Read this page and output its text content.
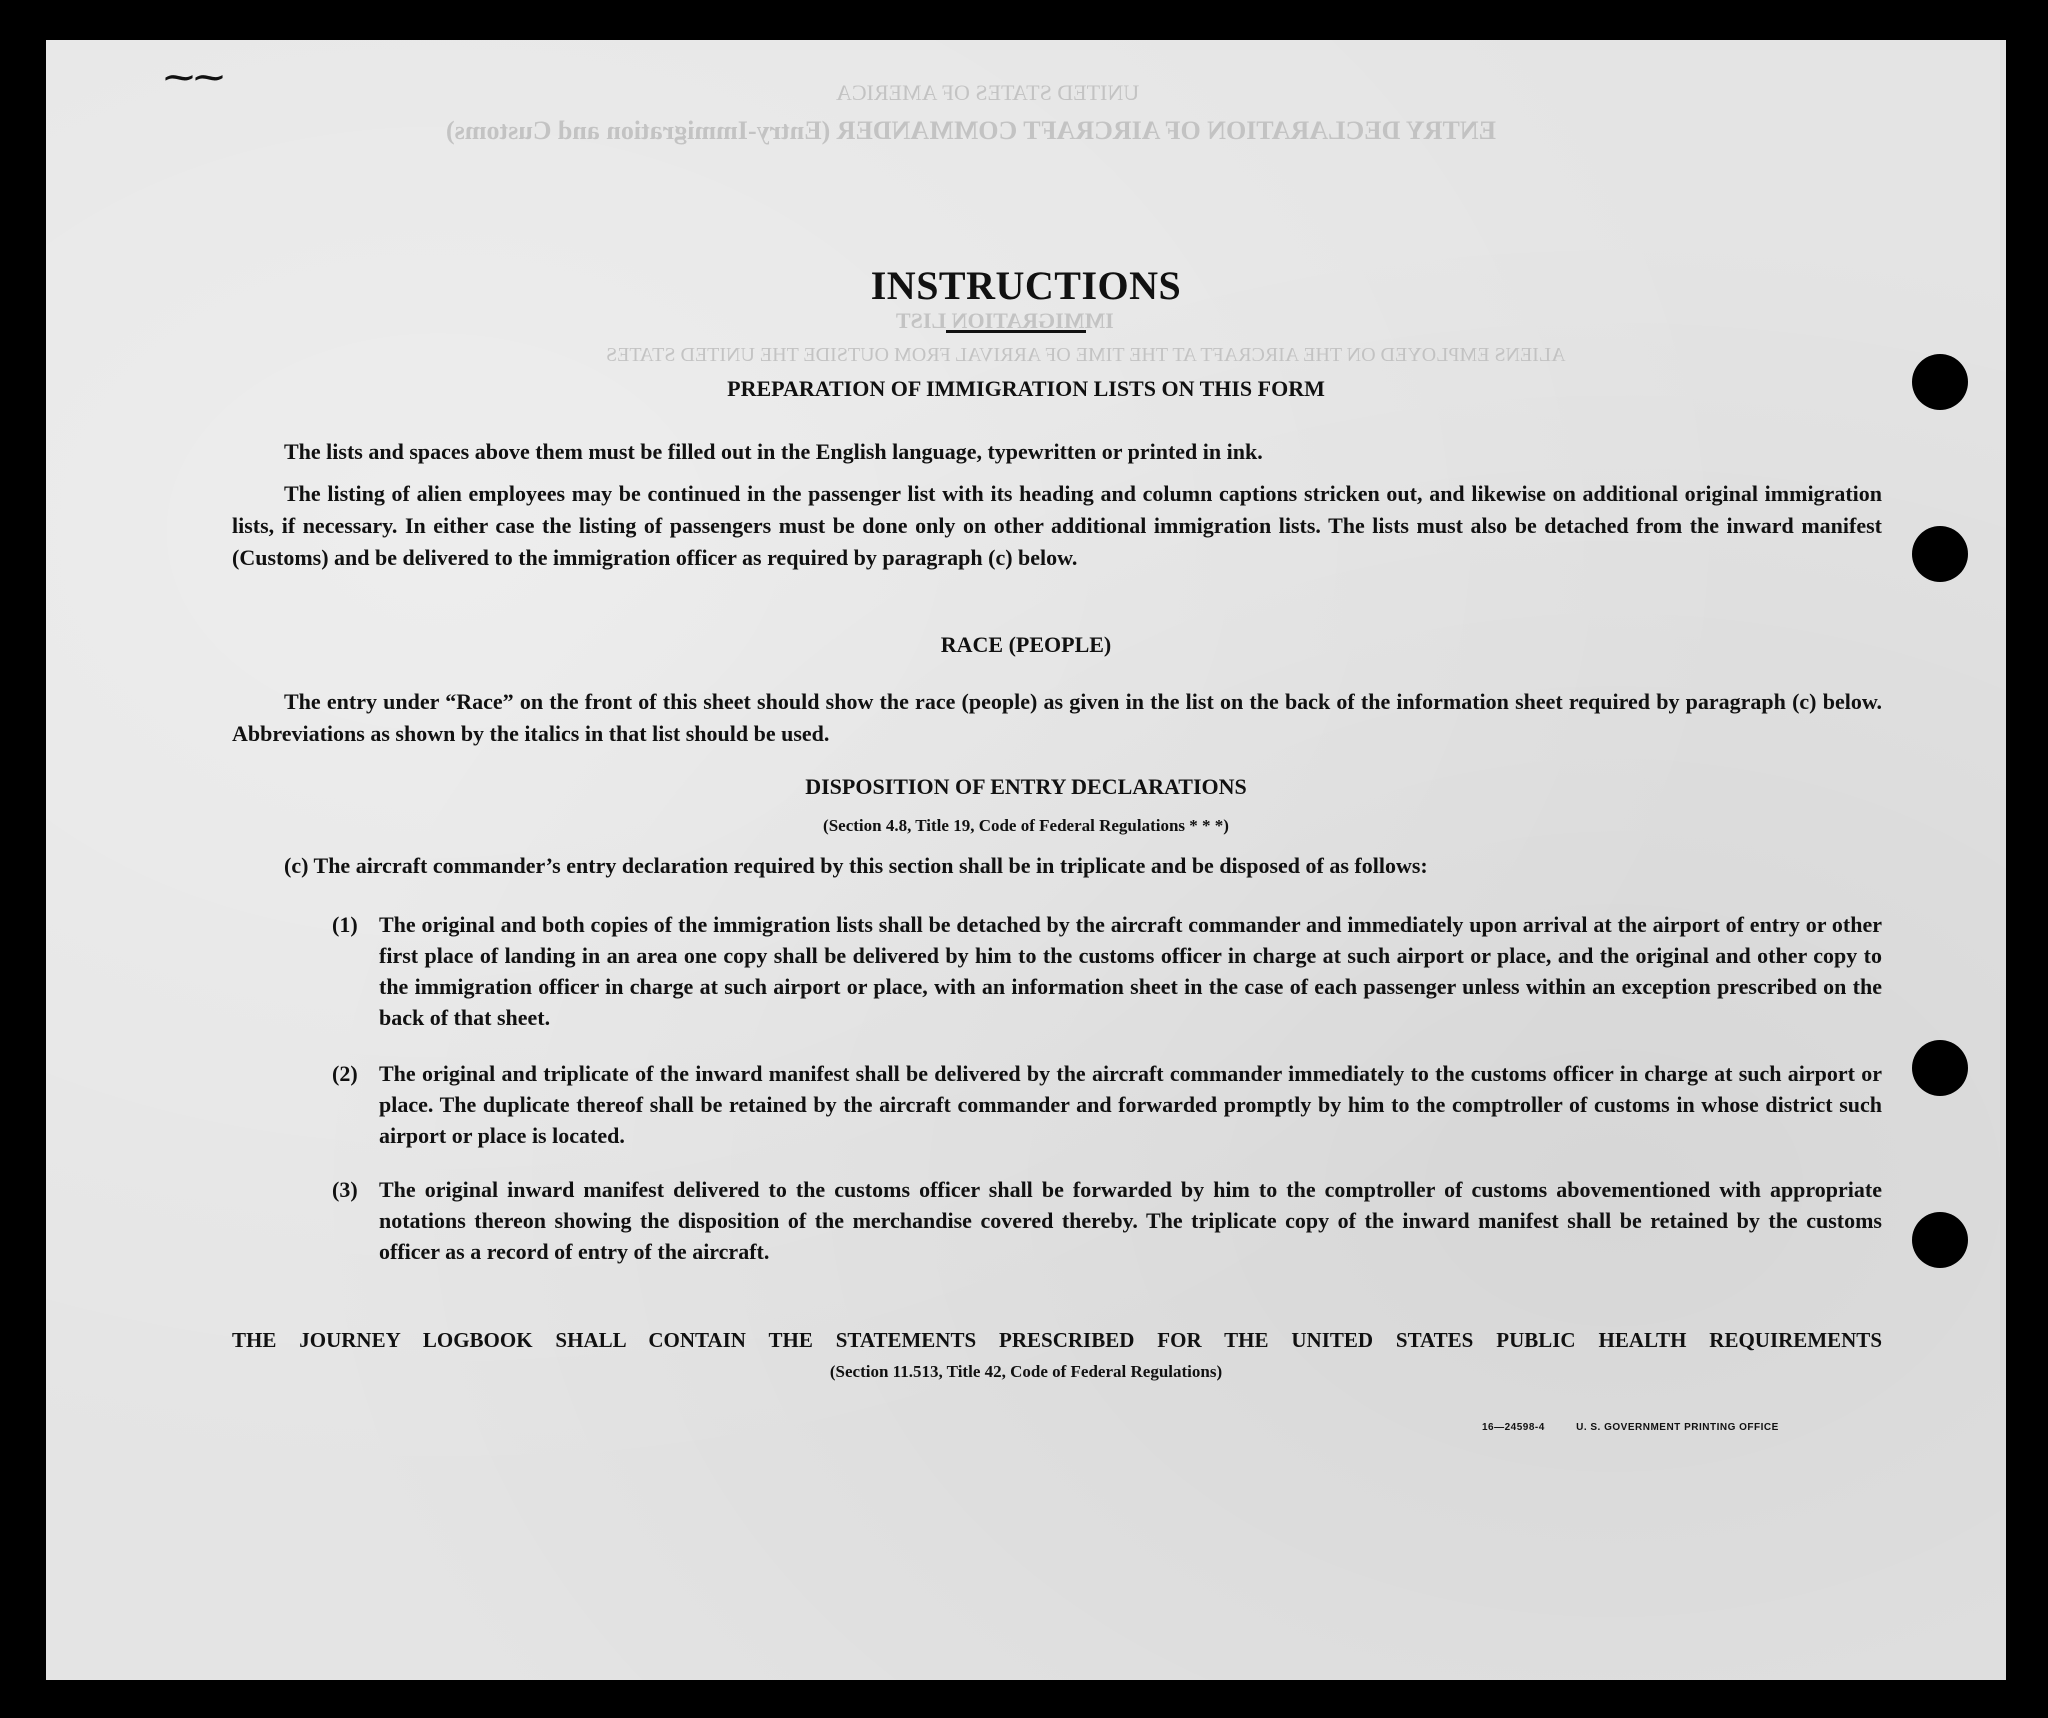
UNITED STATES OF AMERICA
ENTRY DECLARATION OF AIRCRAFT COMMANDER (Entry-Immigration and Customs)
IMMIGRATION LIST
ALIENS EMPLOYED ON THE AIRCRAFT AT THE TIME OF ARRIVAL FROM OUTSIDE THE UNITED STATES
INSTRUCTIONS
PREPARATION OF IMMIGRATION LISTS ON THIS FORM
The lists and spaces above them must be filled out in the English language, typewritten or printed in ink.
The listing of alien employees may be continued in the passenger list with its heading and column captions stricken out, and likewise on additional original immigration lists, if necessary. In either case the listing of passengers must be done only on other additional immigration lists. The lists must also be detached from the inward manifest (Customs) and be delivered to the immigration officer as required by paragraph (c) below.
RACE (PEOPLE)
The entry under “Race” on the front of this sheet should show the race (people) as given in the list on the back of the information sheet required by paragraph (c) below. Abbreviations as shown by the italics in that list should be used.
DISPOSITION OF ENTRY DECLARATIONS
(Section 4.8, Title 19, Code of Federal Regulations * * *)
(c) The aircraft commander’s entry declaration required by this section shall be in triplicate and be disposed of as follows:
(1) The original and both copies of the immigration lists shall be detached by the aircraft commander and immediately upon arrival at the airport of entry or other first place of landing in an area one copy shall be delivered by him to the customs officer in charge at such airport or place, and the original and other copy to the immigration officer in charge at such airport or place, with an information sheet in the case of each passenger unless within an exception prescribed on the back of that sheet.
(2) The original and triplicate of the inward manifest shall be delivered by the aircraft commander immediately to the customs officer in charge at such airport or place. The duplicate thereof shall be retained by the aircraft commander and forwarded promptly by him to the comptroller of customs in whose district such airport or place is located.
(3) The original inward manifest delivered to the customs officer shall be forwarded by him to the comptroller of customs abovementioned with appropriate notations thereon showing the disposition of the merchandise covered thereby. The triplicate copy of the inward manifest shall be retained by the customs officer as a record of entry of the aircraft.
THE JOURNEY LOGBOOK SHALL CONTAIN THE STATEMENTS PRESCRIBED FOR THE UNITED STATES PUBLIC HEALTH REQUIREMENTS
(Section 11.513, Title 42, Code of Federal Regulations)
16—24598-4	U. S. GOVERNMENT PRINTING OFFICE
⁓⁓
